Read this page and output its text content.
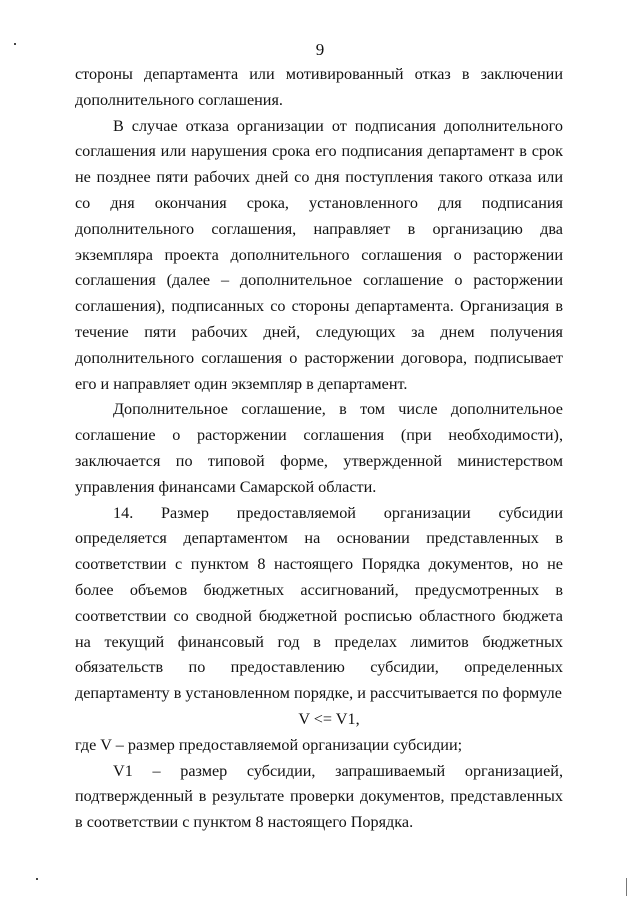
9

стороны департамента или мотивированный отказ в заключении дополнительного соглашения.

В случае отказа организации от подписания дополнительного соглашения или нарушения срока его подписания департамент в срок не позднее пяти рабочих дней со дня поступления такого отказа или со дня окончания срока, установленного для подписания дополнительного соглашения, направляет в организацию два экземпляра проекта дополнительного соглашения о расторжении соглашения (далее – дополнительное соглашение о расторжении соглашения), подписанных со стороны департамента. Организация в течение пяти рабочих дней, следующих за днем получения дополнительного соглашения о расторжении договора, подписывает его и направляет один экземпляр в департамент.

Дополнительное соглашение, в том числе дополнительное соглашение о расторжении соглашения (при необходимости), заключается по типовой форме, утвержденной министерством управления финансами Самарской области.

14. Размер предоставляемой организации субсидии определяется департаментом на основании представленных в соответствии с пунктом 8 настоящего Порядка документов, но не более объемов бюджетных ассигнований, предусмотренных в соответствии со сводной бюджетной росписью областного бюджета на текущий финансовый год в пределах лимитов бюджетных обязательств по предоставлению субсидии, определенных департаменту в установленном порядке, и рассчитывается по формуле

V <= V1,

где V – размер предоставляемой организации субсидии;

V1 – размер субсидии, запрашиваемый организацией, подтвержденный в результате проверки документов, представленных в соответствии с пунктом 8 настоящего Порядка.
